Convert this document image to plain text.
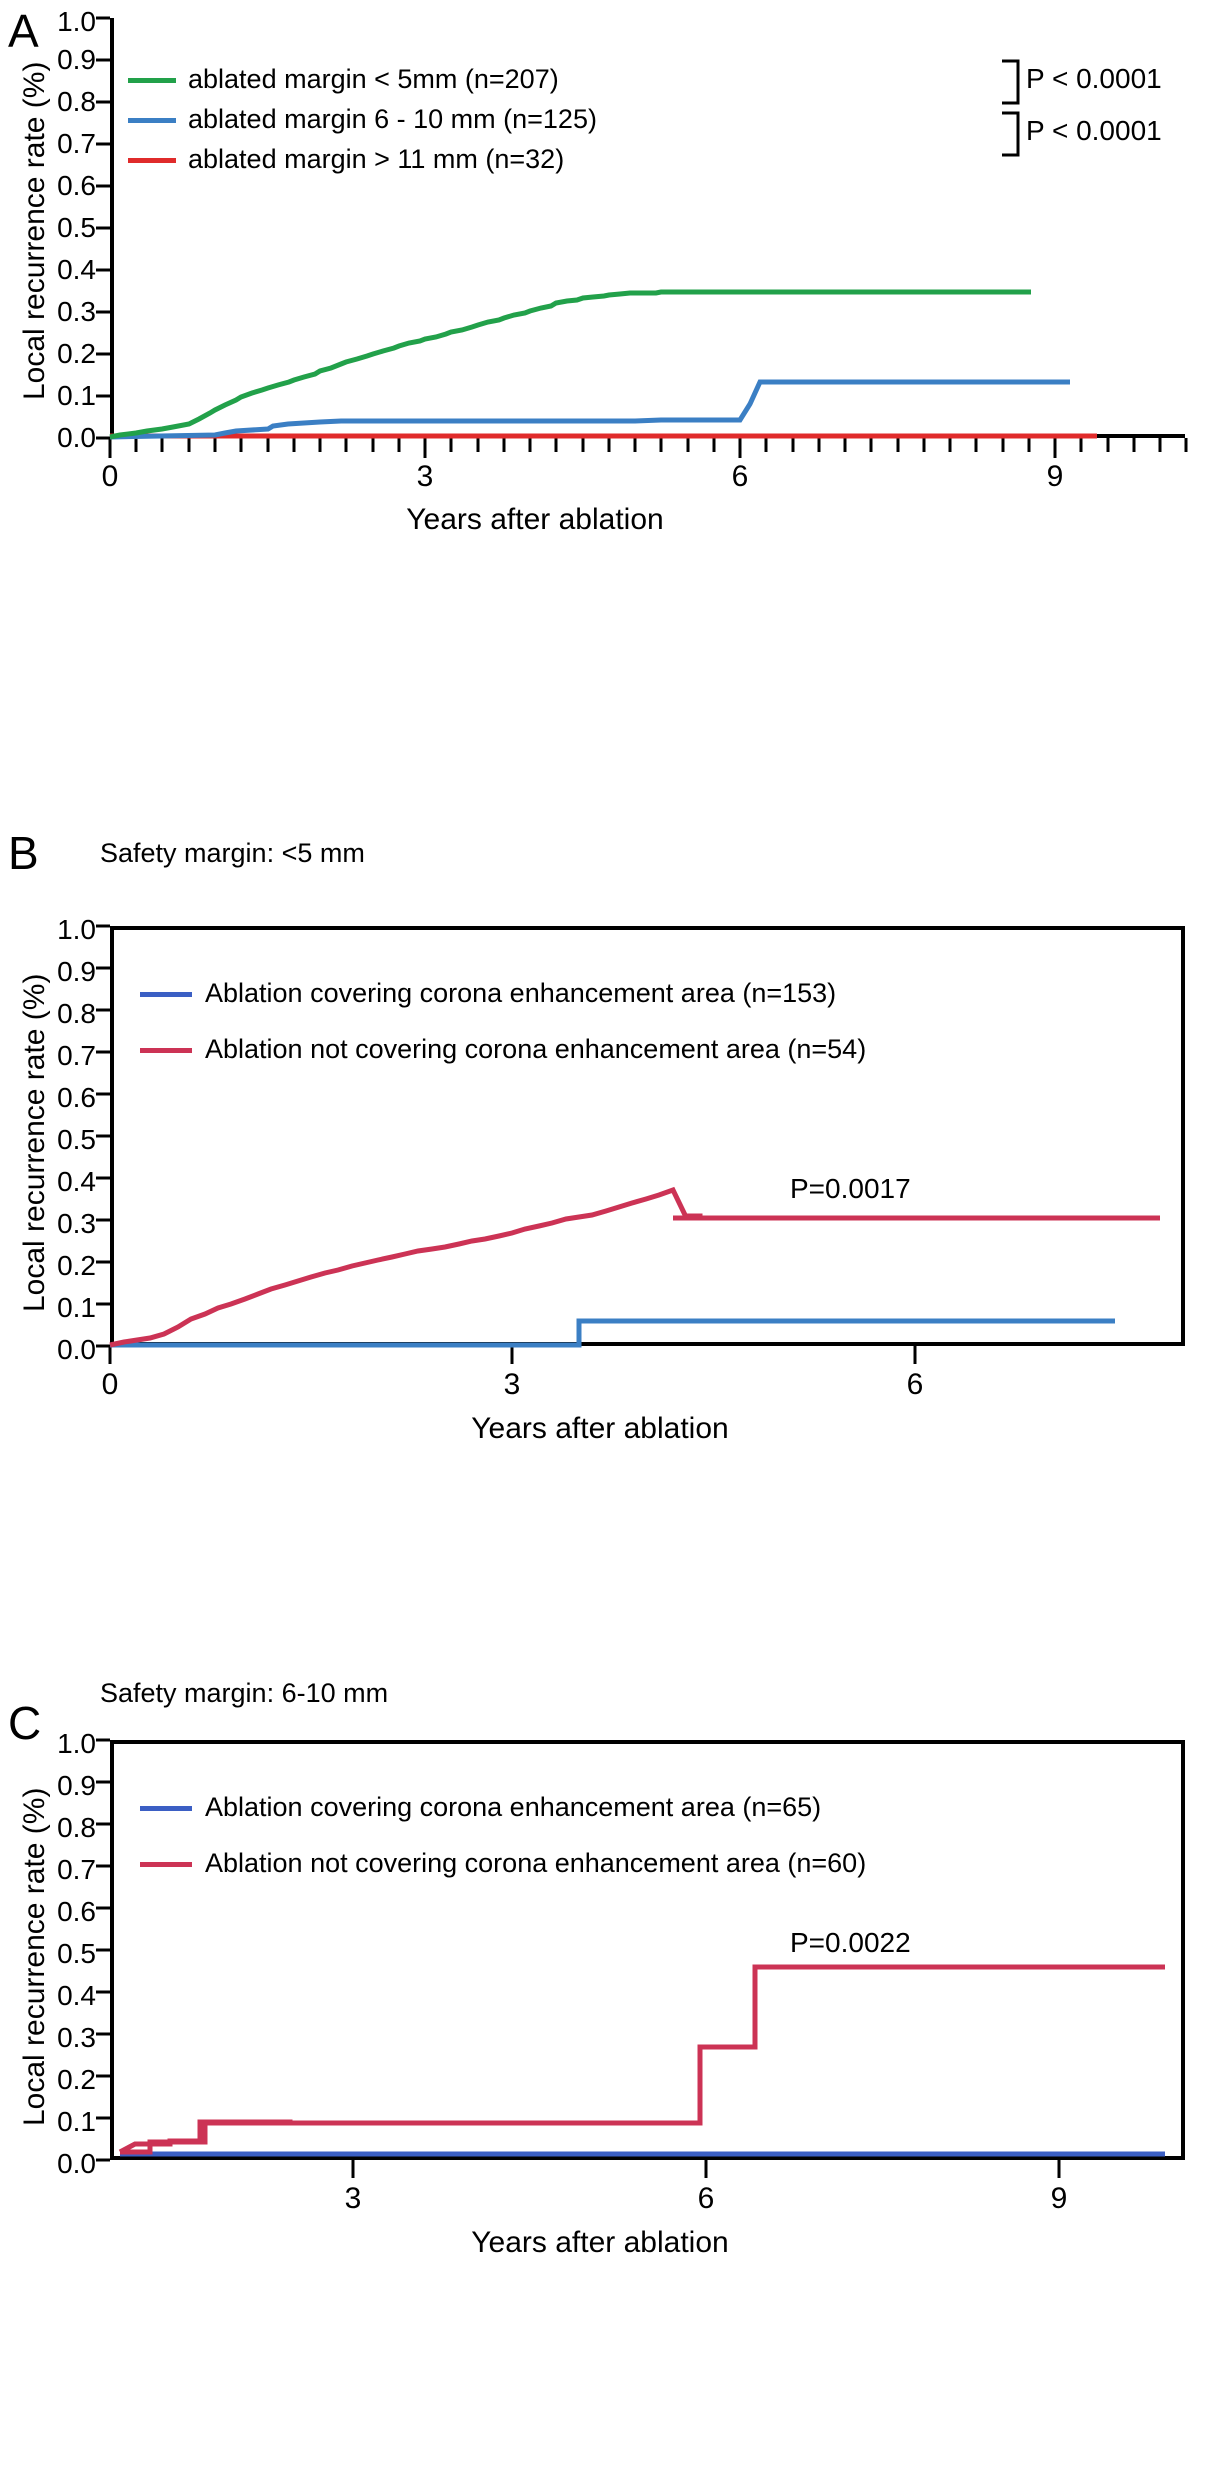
A
0.0
0.1
0.2
0.3
0.4
0.5
0.6
0.7
0.8
0.9
1.0
Local recurrence rate (%)
0	3	6	9
Years after ablation
ablated margin < 5mm (n=207)
ablated margin 6 - 10 mm (n=125)
ablated margin > 11 mm (n=32)
P < 0.0001
P < 0.0001
B Safety margin: <5 mm
0.0
0.1
0.2
0.3
0.4
0.5
0.6
0.7
0.8
0.9
1.0
Local recurrence rate (%)
0	3	6
Years after ablation
Ablation covering corona enhancement area (n=153)
Ablation not covering corona enhancement area (n=54)
P=0.0017
C
Safety margin: 6-10 mm
0.0
0.1
0.2
0.3
0.4
0.5
0.6
0.7
0.8
0.9
1.0
Local recurrence rate (%)
3	6	9
Years after ablation
Ablation covering corona enhancement area (n=65)
Ablation not covering corona enhancement area (n=60)
P=0.0022
